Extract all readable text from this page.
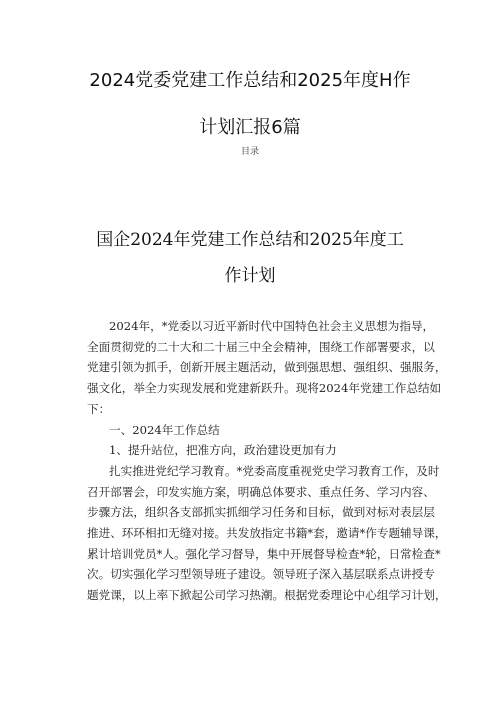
2024党委党建工作总结和2025年度H作
计划汇报6篇
目录
国企2024年党建工作总结和2025年度工
作计划
2024年，*党委以习近平新时代中国特色社会主义思想为指导，
全面贯彻党的二十大和二十届三中全会精神，围绕工作部署要求，以
党建引领为抓手，创新开展主题活动，做到强思想、强组织、强服务，
强文化，举全力实现发展和党建新跃升。现将2024年党建工作总结如
下：
一、2024年工作总结
1、提升站位，把准方向，政治建设更加有力
扎实推进党纪学习教育。*党委高度重视党史学习教育工作，及时
召开部署会，印发实施方案，明确总体要求、重点任务、学习内容、
步骤方法，组织各支部抓实抓细学习任务和目标，做到对标对表层层
推进、环环相扣无缝对接。共发放指定书籍*套，邀请*作专题辅导课，
累计培训党员*人。强化学习督导，集中开展督导检查*轮，日常检查*
次。切实强化学习型领导班子建设。领导班子深入基层联系点讲授专
题党课，以上率下掀起公司学习热潮。根据党委理论中心组学习计划，
